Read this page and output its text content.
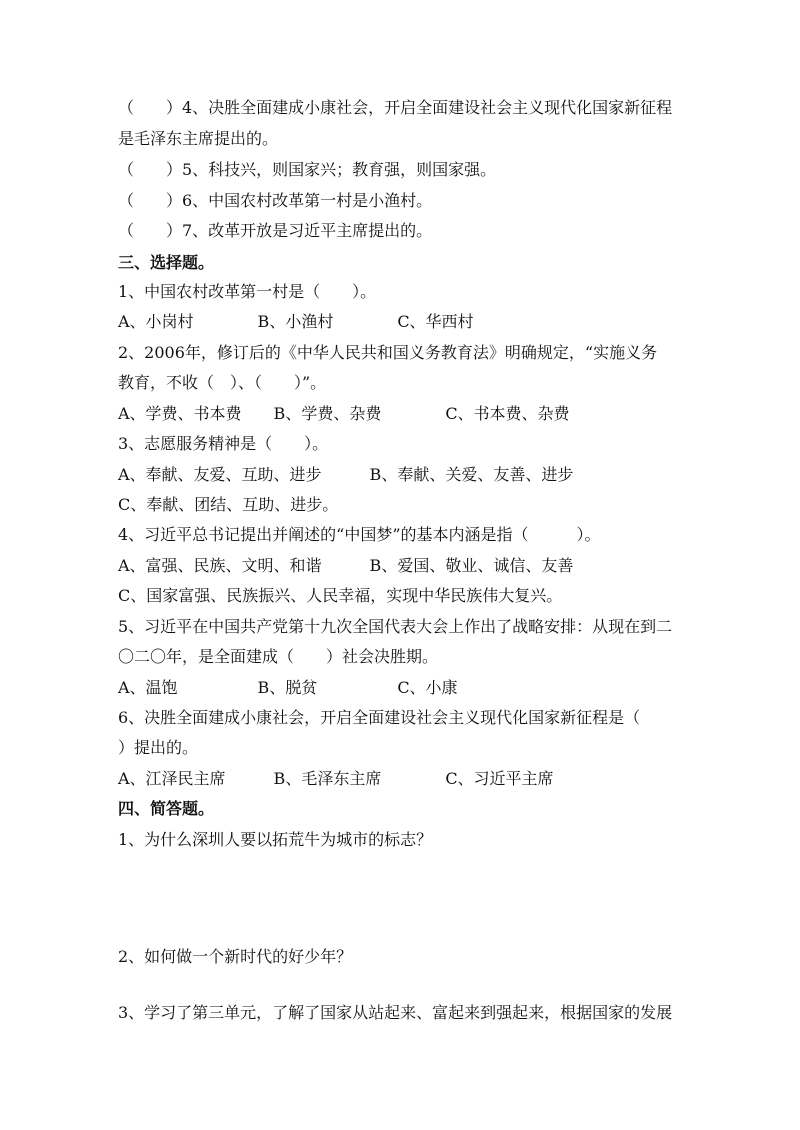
（　　）4、决胜全面建成小康社会，开启全面建设社会主义现代化国家新征程
是毛泽东主席提出的。
（　　）5、科技兴，则国家兴；教育强，则国家强。
（　　）6、中国农村改革第一村是小渔村。
（　　）7、改革开放是习近平主席提出的。
三、选择题。
1、中国农村改革第一村是（　　）。
A、小岗村　　　　B、小渔村　　　　C、华西村
2、2006年，修订后的《中华人民共和国义务教育法》明确规定，“实施义务
教育，不收（　）、（　　）”。
A、学费、书本费　　B、学费、杂费　　　　C、书本费、杂费
3、志愿服务精神是（　　）。
A、奉献、友爱、互助、进步　　　B、奉献、关爱、友善、进步
C、奉献、团结、互助、进步。
4、习近平总书记提出并阐述的“中国梦”的基本内涵是指（　　　）。
A、富强、民族、文明、和谐　　　B、爱国、敬业、诚信、友善
C、国家富强、民族振兴、人民幸福，实现中华民族伟大复兴。
5、习近平在中国共产党第十九次全国代表大会上作出了战略安排：从现在到二
〇二〇年，是全面建成（　　）社会决胜期。
A、温饱　　　　　B、脱贫　　　　　C、小康
6、决胜全面建成小康社会，开启全面建设社会主义现代化国家新征程是（
）提出的。
A、江泽民主席　　　B、毛泽东主席　　　　C、习近平主席
四、简答题。
1、为什么深圳人要以拓荒牛为城市的标志？
2、如何做一个新时代的好少年？
3、学习了第三单元，了解了国家从站起来、富起来到强起来，根据国家的发展
